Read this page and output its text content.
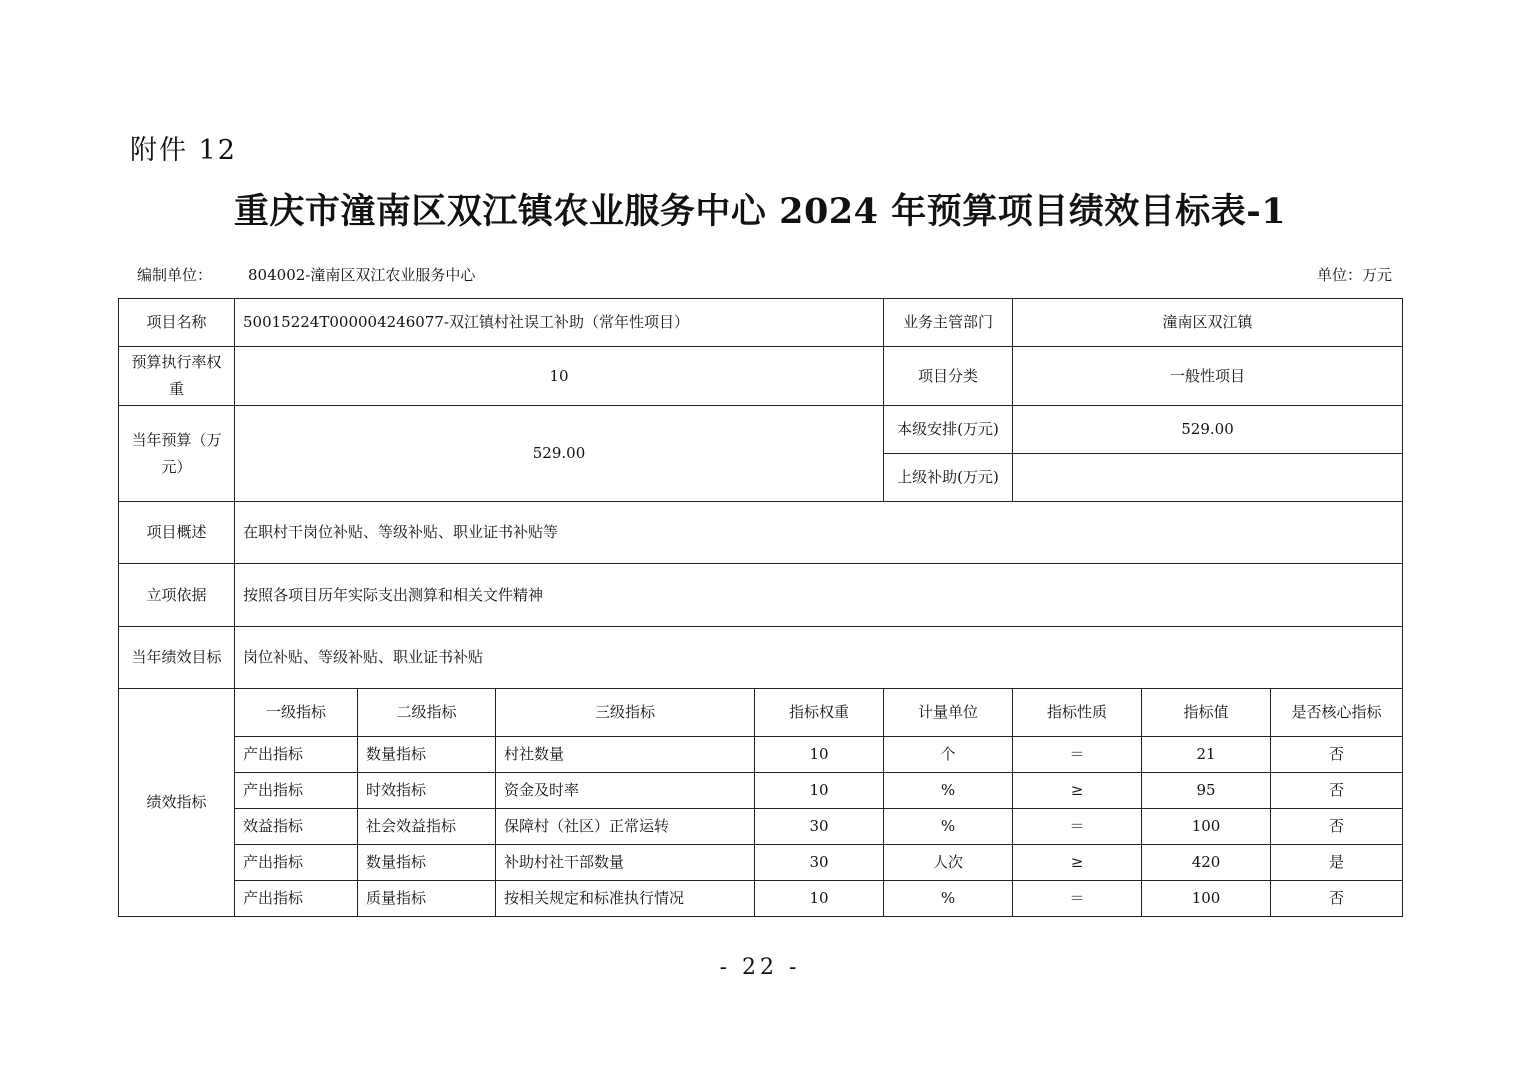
附件 12
重庆市潼南区双江镇农业服务中心 2024 年预算项目绩效目标表-1
编制单位： 804002-潼南区双江农业服务中心	单位：万元
项目名称	50015224T000004246077-双江镇村社误工补助（常年性项目）				业务主管部门	潼南区双江镇		
预算执行率权重	10				项目分类	一般性项目		
当年预算（万元）	529.00				本级安排(万元)	529.00		
					上级补助(万元)			
项目概述	在职村干岗位补贴、等级补贴、职业证书补贴等							
立项依据	按照各项目历年实际支出测算和相关文件精神							
当年绩效目标	岗位补贴、等级补贴、职业证书补贴							
绩效指标	一级指标	二级指标	三级指标	指标权重	计量单位	指标性质	指标值	是否核心指标
	产出指标	数量指标	村社数量	10	个	＝	21	否
	产出指标	时效指标	资金及时率	10	%	≥	95	否
	效益指标	社会效益指标	保障村（社区）正常运转	30	%	＝	100	否
	产出指标	数量指标	补助村社干部数量	30	人次	≥	420	是
	产出指标	质量指标	按相关规定和标准执行情况	10	%	＝	100	否
- 22 -
